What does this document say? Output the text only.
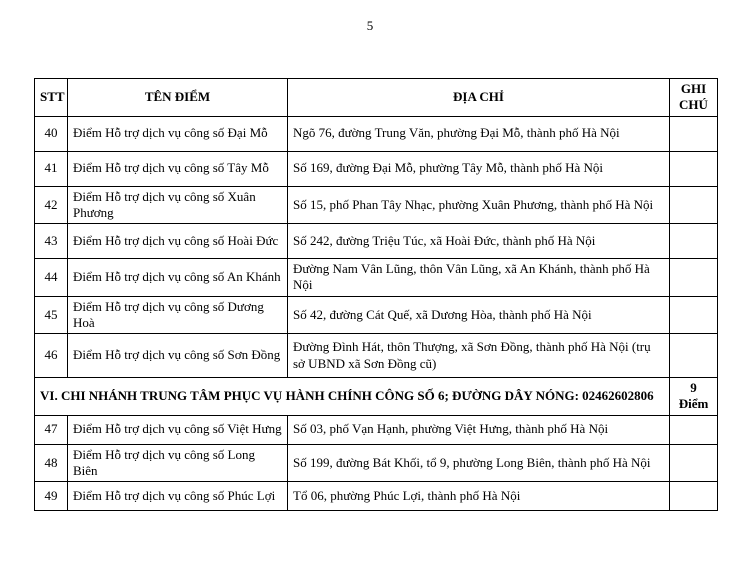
5
STT	TÊN ĐIỂM	ĐỊA CHỈ	GHI CHÚ
40	Điểm Hỗ trợ dịch vụ công số Đại Mỗ	Ngõ 76, đường Trung Văn, phường Đại Mỗ, thành phố Hà Nội	
41	Điểm Hỗ trợ dịch vụ công số Tây Mỗ	Số 169, đường Đại Mỗ, phường Tây Mỗ, thành phố Hà Nội	
42	Điểm Hỗ trợ dịch vụ công số Xuân Phương	Số 15, phố Phan Tây Nhạc, phường Xuân Phương, thành phố Hà Nội	
43	Điểm Hỗ trợ dịch vụ công số Hoài Đức	Số 242, đường Triệu Túc, xã Hoài Đức, thành phố Hà Nội	
44	Điểm Hỗ trợ dịch vụ công số An Khánh	Đường Nam Vân Lũng, thôn Vân Lũng, xã An Khánh, thành phố Hà Nội	
45	Điểm Hỗ trợ dịch vụ công số Dương Hoà	Số 42, đường Cát Quế, xã Dương Hòa, thành phố Hà Nội	
46	Điểm Hỗ trợ dịch vụ công số Sơn Đồng	Đường Đình Hát, thôn Thượng, xã Sơn Đồng, thành phố Hà Nội (trụ sở UBND xã Sơn Đồng cũ)	
VI. CHI NHÁNH TRUNG TÂM PHỤC VỤ HÀNH CHÍNH CÔNG SỐ 6; ĐƯỜNG DÂY NÓNG: 02462602806			9 Điểm
47	Điểm Hỗ trợ dịch vụ công số Việt Hưng	Số 03, phố Vạn Hạnh, phường Việt Hưng, thành phố Hà Nội	
48	Điểm Hỗ trợ dịch vụ công số Long Biên	Số 199, đường Bát Khối, tổ 9, phường Long Biên, thành phố Hà Nội	
49	Điểm Hỗ trợ dịch vụ công số Phúc Lợi	Tổ 06, phường Phúc Lợi, thành phố Hà Nội	
